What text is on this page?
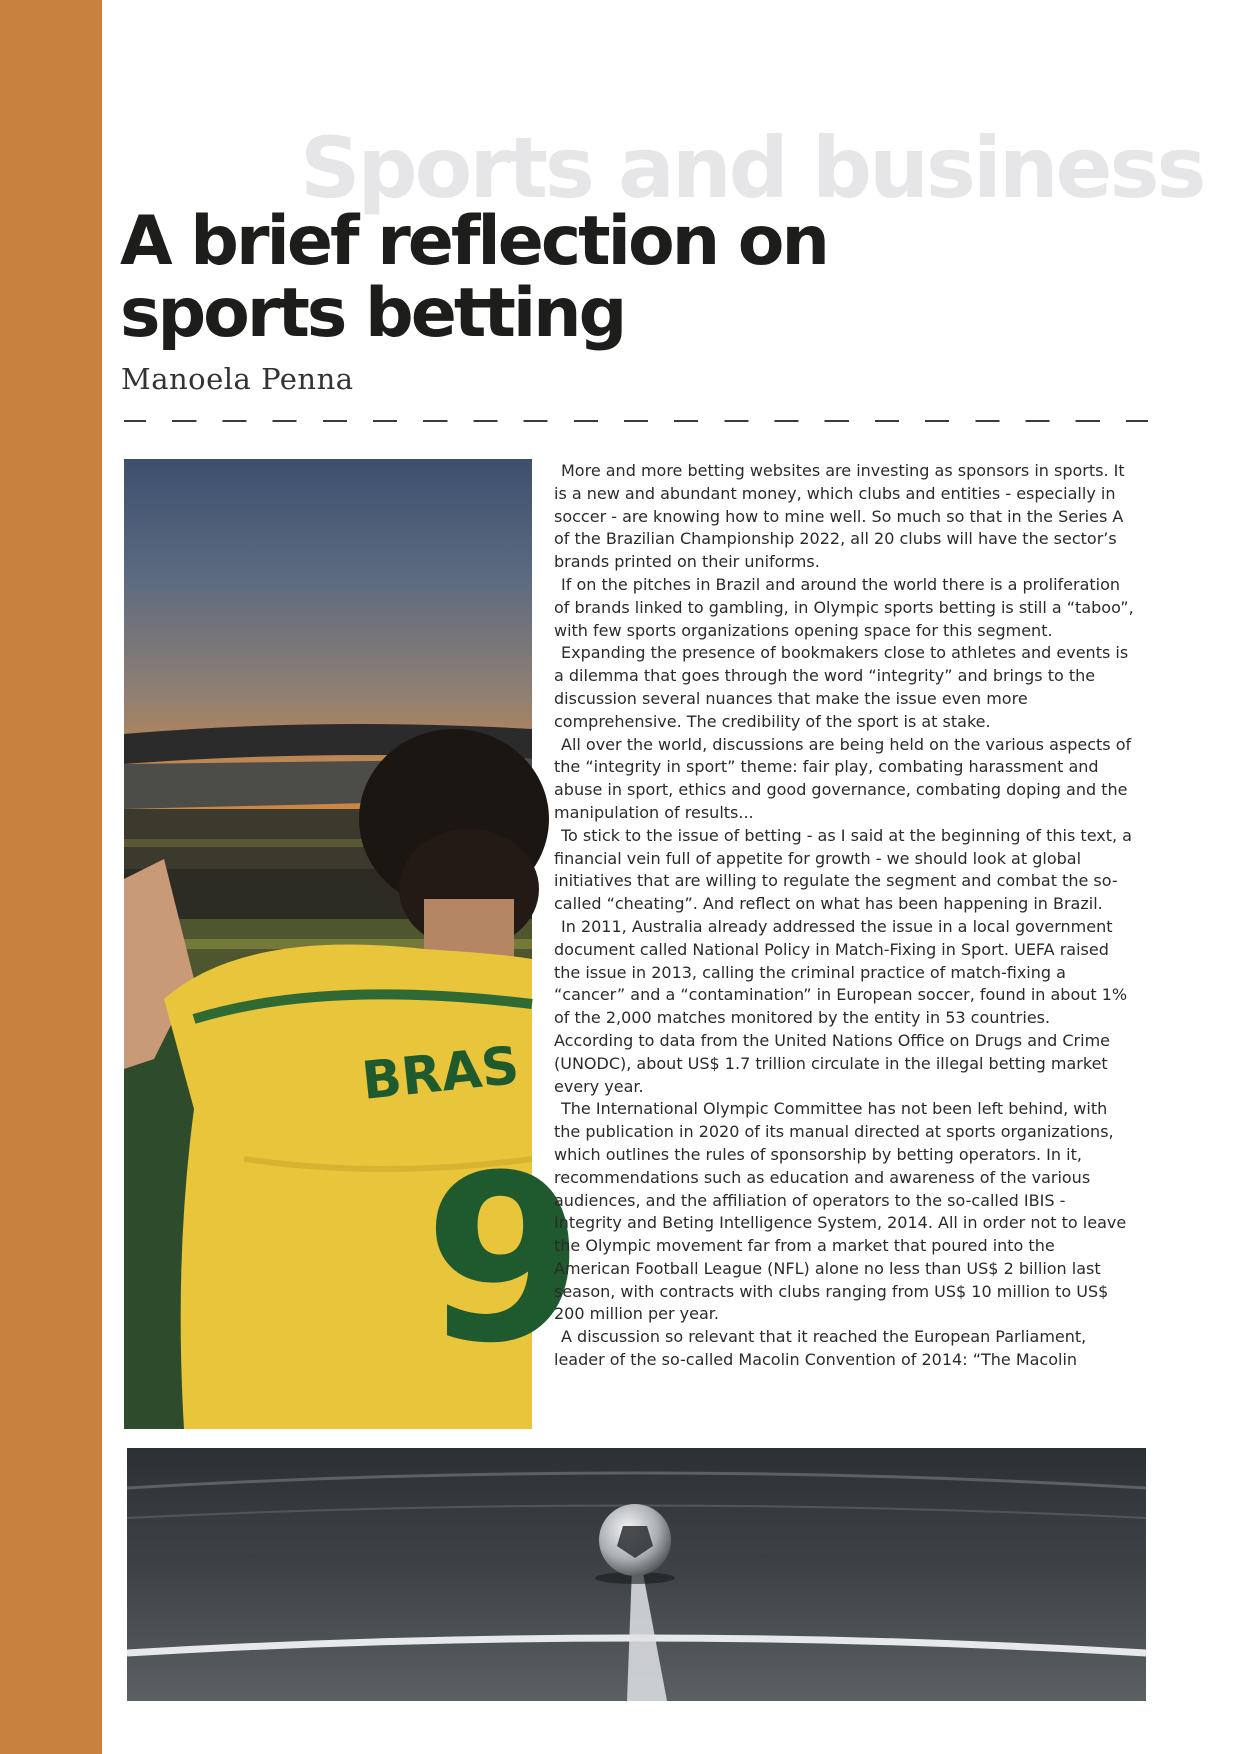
Sports and business
A brief reflection on sports betting
Manoela Penna
BRAS
9

More and more betting websites are investing as sponsors in sports. It is a new and abundant money, which clubs and entities - especially in soccer - are knowing how to mine well. So much so that in the Series A of the Brazilian Championship 2022, all 20 clubs will have the sector’s brands printed on their uniforms.

If on the pitches in Brazil and around the world there is a proliferation of brands linked to gambling, in Olympic sports betting is still a “taboo”, with few sports organizations opening space for this segment.

Expanding the presence of bookmakers close to athletes and events is a dilemma that goes through the word “integrity” and brings to the discussion several nuances that make the issue even more comprehensive. The credibility of the sport is at stake.

All over the world, discussions are being held on the various aspects of the “integrity in sport” theme: fair play, combating harassment and abuse in sport, ethics and good governance, combating doping and the manipulation of results...

To stick to the issue of betting - as I said at the beginning of this text, a financial vein full of appetite for growth - we should look at global initiatives that are willing to regulate the segment and combat the so-called “cheating”. And reflect on what has been happening in Brazil.

In 2011, Australia already addressed the issue in a local government document called National Policy in Match-Fixing in Sport. UEFA raised the issue in 2013, calling the criminal practice of match-fixing a “cancer” and a “contamination” in European soccer, found in about 1% of the 2,000 matches monitored by the entity in 53 countries. According to data from the United Nations Office on Drugs and Crime (UNODC), about US$ 1.7 trillion circulate in the illegal betting market every year.

The International Olympic Committee has not been left behind, with the publication in 2020 of its manual directed at sports organizations, which outlines the rules of sponsorship by betting operators. In it, recommendations such as education and awareness of the various audiences, and the affiliation of operators to the so-called IBIS - Integrity and Beting Intelligence System, 2014. All in order not to leave the Olympic movement far from a market that poured into the American Football League (NFL) alone no less than US$ 2 billion last season, with contracts with clubs ranging from US$ 10 million to US$ 200 million per year.

A discussion so relevant that it reached the European Parliament, leader of the so-called Macolin Convention of 2014: “The Macolin
